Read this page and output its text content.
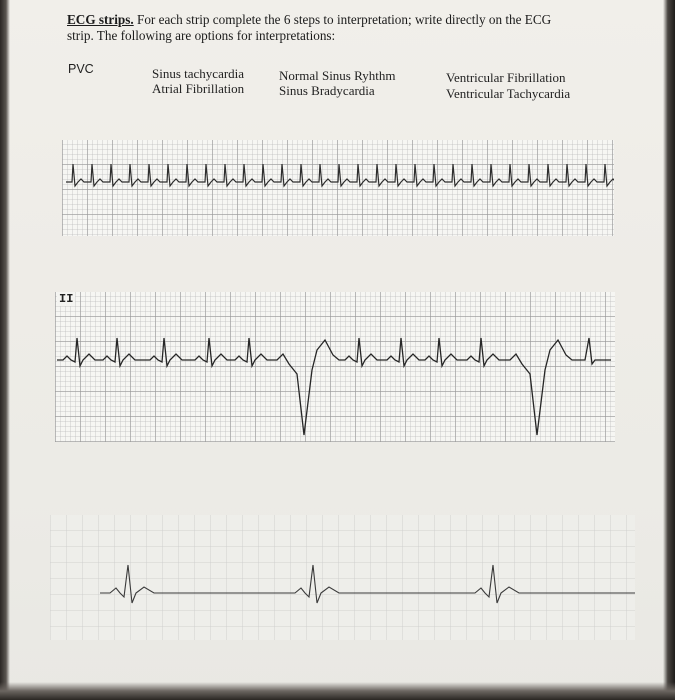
ECG strips. For each strip complete the 6 steps to interpretation; write directly on the ECG
strip. The following are options for interpretations:
PVC	Sinus tachycardia
Atrial Fibrillation
Normal Sinus Ryhthm
Sinus Bradycardia
Ventricular Fibrillation
Ventricular Tachycardia
II
